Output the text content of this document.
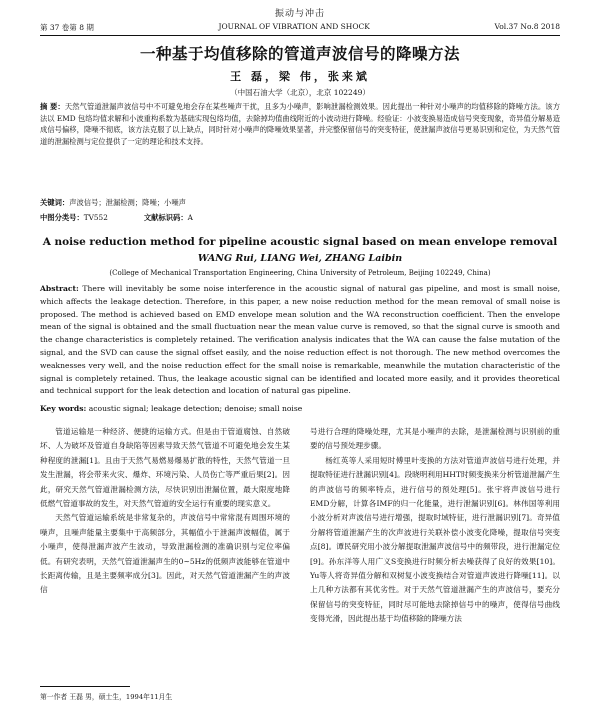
振动与冲击
第 37 卷第 8 期	JOURNAL OF VIBRATION AND SHOCK	Vol.37 No.8 2018
一种基于均值移除的管道声波信号的降噪方法
王 磊，梁 伟，张来斌
（中国石油大学（北京），北京 102249）
摘 要：天然气管道泄漏声波信号中不可避免地会存在某些噪声干扰，且多为小噪声，影响泄漏检测效果。因此提出一种针对小噪声的均值移除的降噪方法。该方法以 EMD 包络均值求解和小波重构系数为基础实现包络均值，去除掉均值曲线附近的小波动进行降噪。经验证：小波变换易造成信号突变现象，奇异值分解易造成信号偏移，降噪不彻底，该方法克服了以上缺点，同时针对小噪声的降噪效果显著，并完整保留信号的突变特征，使泄漏声波信号更易识别和定位，为天然气管道的泄漏检测与定位提供了一定的理论和技术支持。
关键词：声波信号；泄漏检测；降噪；小噪声
中图分类号：TV552	文献标识码：A
A noise reduction method for pipeline acoustic signal based on mean envelope removal
WANG Rui, LIANG Wei, ZHANG Laibin
(College of Mechanical Transportation Engineering, China University of Petroleum, Beijing 102249, China)
Abstract: There will inevitably be some noise interference in the acoustic signal of natural gas pipeline, and most is small noise, which affects the leakage detection. Therefore, in this paper, a new noise reduction method for the mean removal of small noise is proposed. The method is achieved based on EMD envelope mean solution and the WA reconstruction coefficient. Then the envelope mean of the signal is obtained and the small fluctuation near the mean value curve is removed, so that the signal curve is smooth and the change characteristics is completely retained. The verification analysis indicates that the WA can cause the false mutation of the signal, and the SVD can cause the signal offset easily, and the noise reduction effect is not thorough. The new method overcomes the weaknesses very well, and the noise reduction effect for the small noise is remarkable, meanwhile the mutation characteristic of the signal is completely retained. Thus, the leakage acoustic signal can be identified and located more easily, and it provides theoretical and technical support for the leak detection and location of natural gas pipeline.
Key words: acoustic signal; leakage detection; denoise; small noise

管道运输是一种经济、便捷的运输方式。但是由于管道腐蚀、自然破坏、人为破坏及管道自身缺陷等因素导致天然气管道不可避免地会发生某种程度的泄漏[1]。且由于天然气易燃易爆易扩散的特性，天然气管道一旦发生泄漏，将会带来火灾、爆炸、环境污染、人员伤亡等严重后果[2]。因此，研究天然气管道泄漏检测方法，尽快识别出泄漏位置，最大限度地降低燃气管道事故的发生，对天然气管道的安全运行有重要的现实意义。

天然气管道运输系统是非常复杂的，声波信号中常常混有周围环境的噪声，且噪声能量主要集中于高频部分，其幅值小于泄漏声波幅值，属于小噪声，使得泄漏声波产生波动，导致泄漏检测的准确识别与定位率偏低。有研究表明，天然气管道泄漏声生的0~5Hz的低频声波能够在管道中长距离传输，且是主要频率成分[3]。因此，对天然气管道泄漏产生的声波信

号进行合理的降噪处理，尤其是小噪声的去除，是泄漏检测与识别前的重要的信号预处理步骤。

杨红英等人采用短时傅里叶变换的方法对管道声波信号进行处理，并提取特征进行泄漏识别[4]。段晓明利用HHT时频变换来分析管道泄漏产生的声波信号的频率特点，进行信号的预处理[5]。张宇将声波信号进行EMD分解，计算各IMF的归一化能量，进行泄漏识别[6]。林伟国等利用小波分析对声波信号进行增强，提取时域特征，进行泄漏识别[7]。奇异值分解将管道泄漏产生的次声波进行关联补偿小波变化降噪，提取信号突变点[8]。谭民研究用小波分解提取泄漏声波信号中的频带段，进行泄漏定位[9]。孙东洋等人用广义S变换进行时频分析去噪获得了良好的效果[10]。Yu等人将奇异值分解和双树复小波变换结合对管道声波进行降噪[11]。以上几种方法都有其优劣性。对于天然气管道泄漏产生的声波信号，要充分保留信号的突变特征，同时尽可能地去除掉信号中的噪声，使得信号曲线变得光滑，因此提出基于均值移除的降噪方法

第一作者 王磊 男，硕士生，1994年11月生
